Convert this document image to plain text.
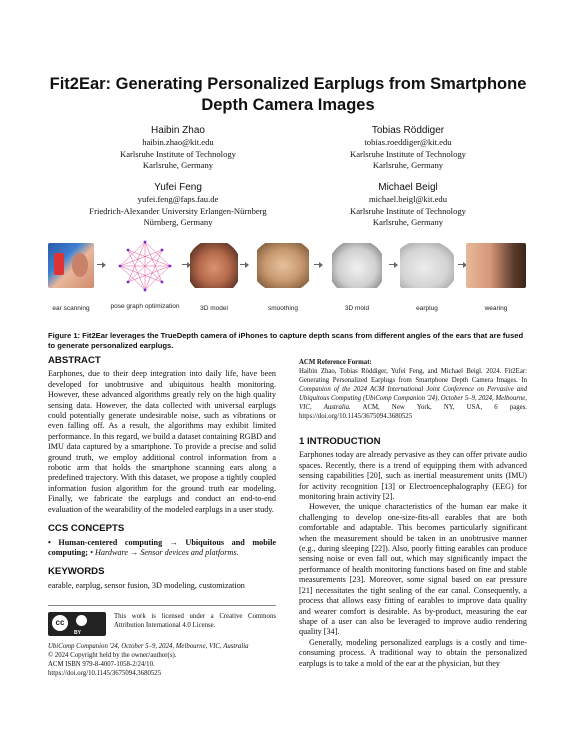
Fit2Ear: Generating Personalized Earplugs from Smartphone
Depth Camera Images
Haibin Zhao
haibin.zhao@kit.edu
Karlsruhe Institute of Technology
Karlsruhe, Germany
Tobias Röddiger
tobias.roeddiger@kit.edu
Karlsruhe Institute of Technology
Karlsruhe, Germany
Yufei Feng
yufei.feng@faps.fau.de
Friedrich-Alexander University Erlangen-Nürnberg
Nürnberg, Germany
Michael Beigl
michael.beigl@kit.edu
Karlsruhe Institute of Technology
Karlsruhe, Germany
ear scanning	pose graph optimization	3D model	smoothing	3D mold	earplug	wearing
Figure 1: Fit2Ear leverages the TrueDepth camera of iPhones to capture depth scans from different angles of the ears that are fused to generate personalized earplugs.
ABSTRACT

Earphones, due to their deep integration into daily life, have been developed for unobtrusive and ubiquitous health monitoring. However, these advanced algorithms greatly rely on the high quality sensing data. However, the data collected with universal earplugs could potentially generate undesirable noise, such as vibrations or even falling off. As a result, the algorithms may exhibit limited performance. In this regard, we build a dataset containing RGBD and IMU data captured by a smartphone. To provide a precise and solid ground truth, we employ additional control information from a robotic arm that holds the smartphone scanning ears along a predefined trajectory. With this dataset, we propose a tightly coupled information fusion algorithm for the ground truth ear modeling. Finally, we fabricate the earplugs and conduct an end-to-end evaluation of the wearability of the modeled earplugs in a user study.

CCS CONCEPTS

• Human-centered computing → Ubiquitous and mobile computing; • Hardware → Sensor devices and platforms.

KEYWORDS

earable, earplug, sensor fusion, 3D modeling, customization

cc
BY
This work is licensed under a Creative Commons Attribution International 4.0 License.
UbiComp Companion '24, October 5–9, 2024, Melbourne, VIC, Australia
© 2024 Copyright held by the owner/author(s).
ACM ISBN 979-8-4007-1058-2/24/10.
https://doi.org/10.1145/3675094.3680525
ACM Reference Format:
Haibin Zhao, Tobias Röddiger, Yufei Feng, and Michael Beigl. 2024. Fit2Ear: Generating Personalized Earplugs from Smartphone Depth Camera Images. In Companion of the 2024 ACM International Joint Conference on Pervasive and Ubiquitous Computing (UbiComp Companion '24), October 5–9, 2024, Melbourne, VIC, Australia. ACM, New York, NY, USA, 6 pages. https://doi.org/10.1145/3675094.3680525
1 INTRODUCTION

Earphones today are already pervasive as they can offer private audio spaces. Recently, there is a trend of equipping them with advanced sensing capabilities [20], such as inertial measurement units (IMU) for activity recognition [13] or Electroencephalography (EEG) for monitoring brain activity [2].

However, the unique characteristics of the human ear make it challenging to develop one-size-fits-all earables that are both comfortable and adaptable. This becomes particularly significant when the measurement should be taken in an unobtrusive manner (e.g., during sleeping [22]). Also, poorly fitting earables can produce sensing noise or even fall out, which may significantly impact the performance of health monitoring functions based on fine and stable measurements [23]. Moreover, some signal based on ear pressure [21] necessitates the tight sealing of the ear canal. Consequently, a process that allows easy fitting of earables to improve data quality and wearer comfort is desirable. As by-product, measuring the ear shape of a user can also be leveraged to improve audio rendering quality [34].

Generally, modeling personalized earplugs is a costly and time-consuming process. A traditional way to obtain the personalized earplugs is to take a mold of the ear at the physician, but they
